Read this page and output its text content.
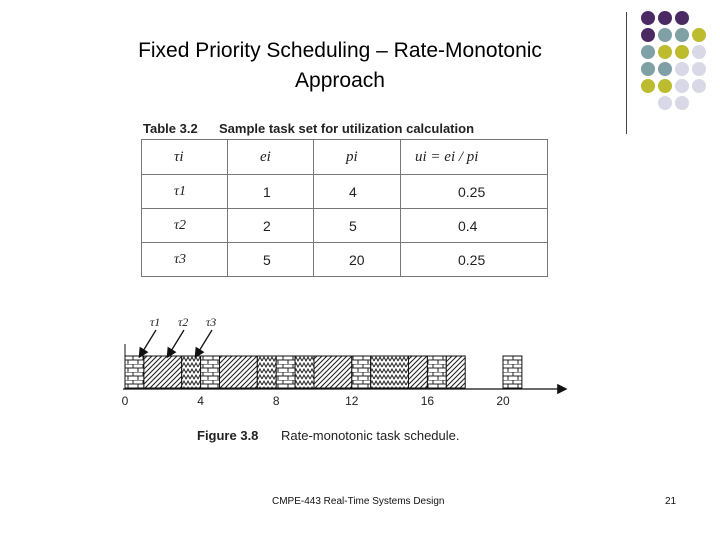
Fixed Priority Scheduling – Rate-Monotonic
Approach
Table 3.2 Sample task set for utilization calculation
τi	ei	pi	ui = ei / pi

τ1	1	4	0.25

τ2	2	5	0.4

τ3	5	20	0.25
0	4	8	12	16	20
τ1 τ2 τ3
Figure 3.8 Rate-monotonic task schedule.
CMPE-443 Real-Time Systems Design	21
